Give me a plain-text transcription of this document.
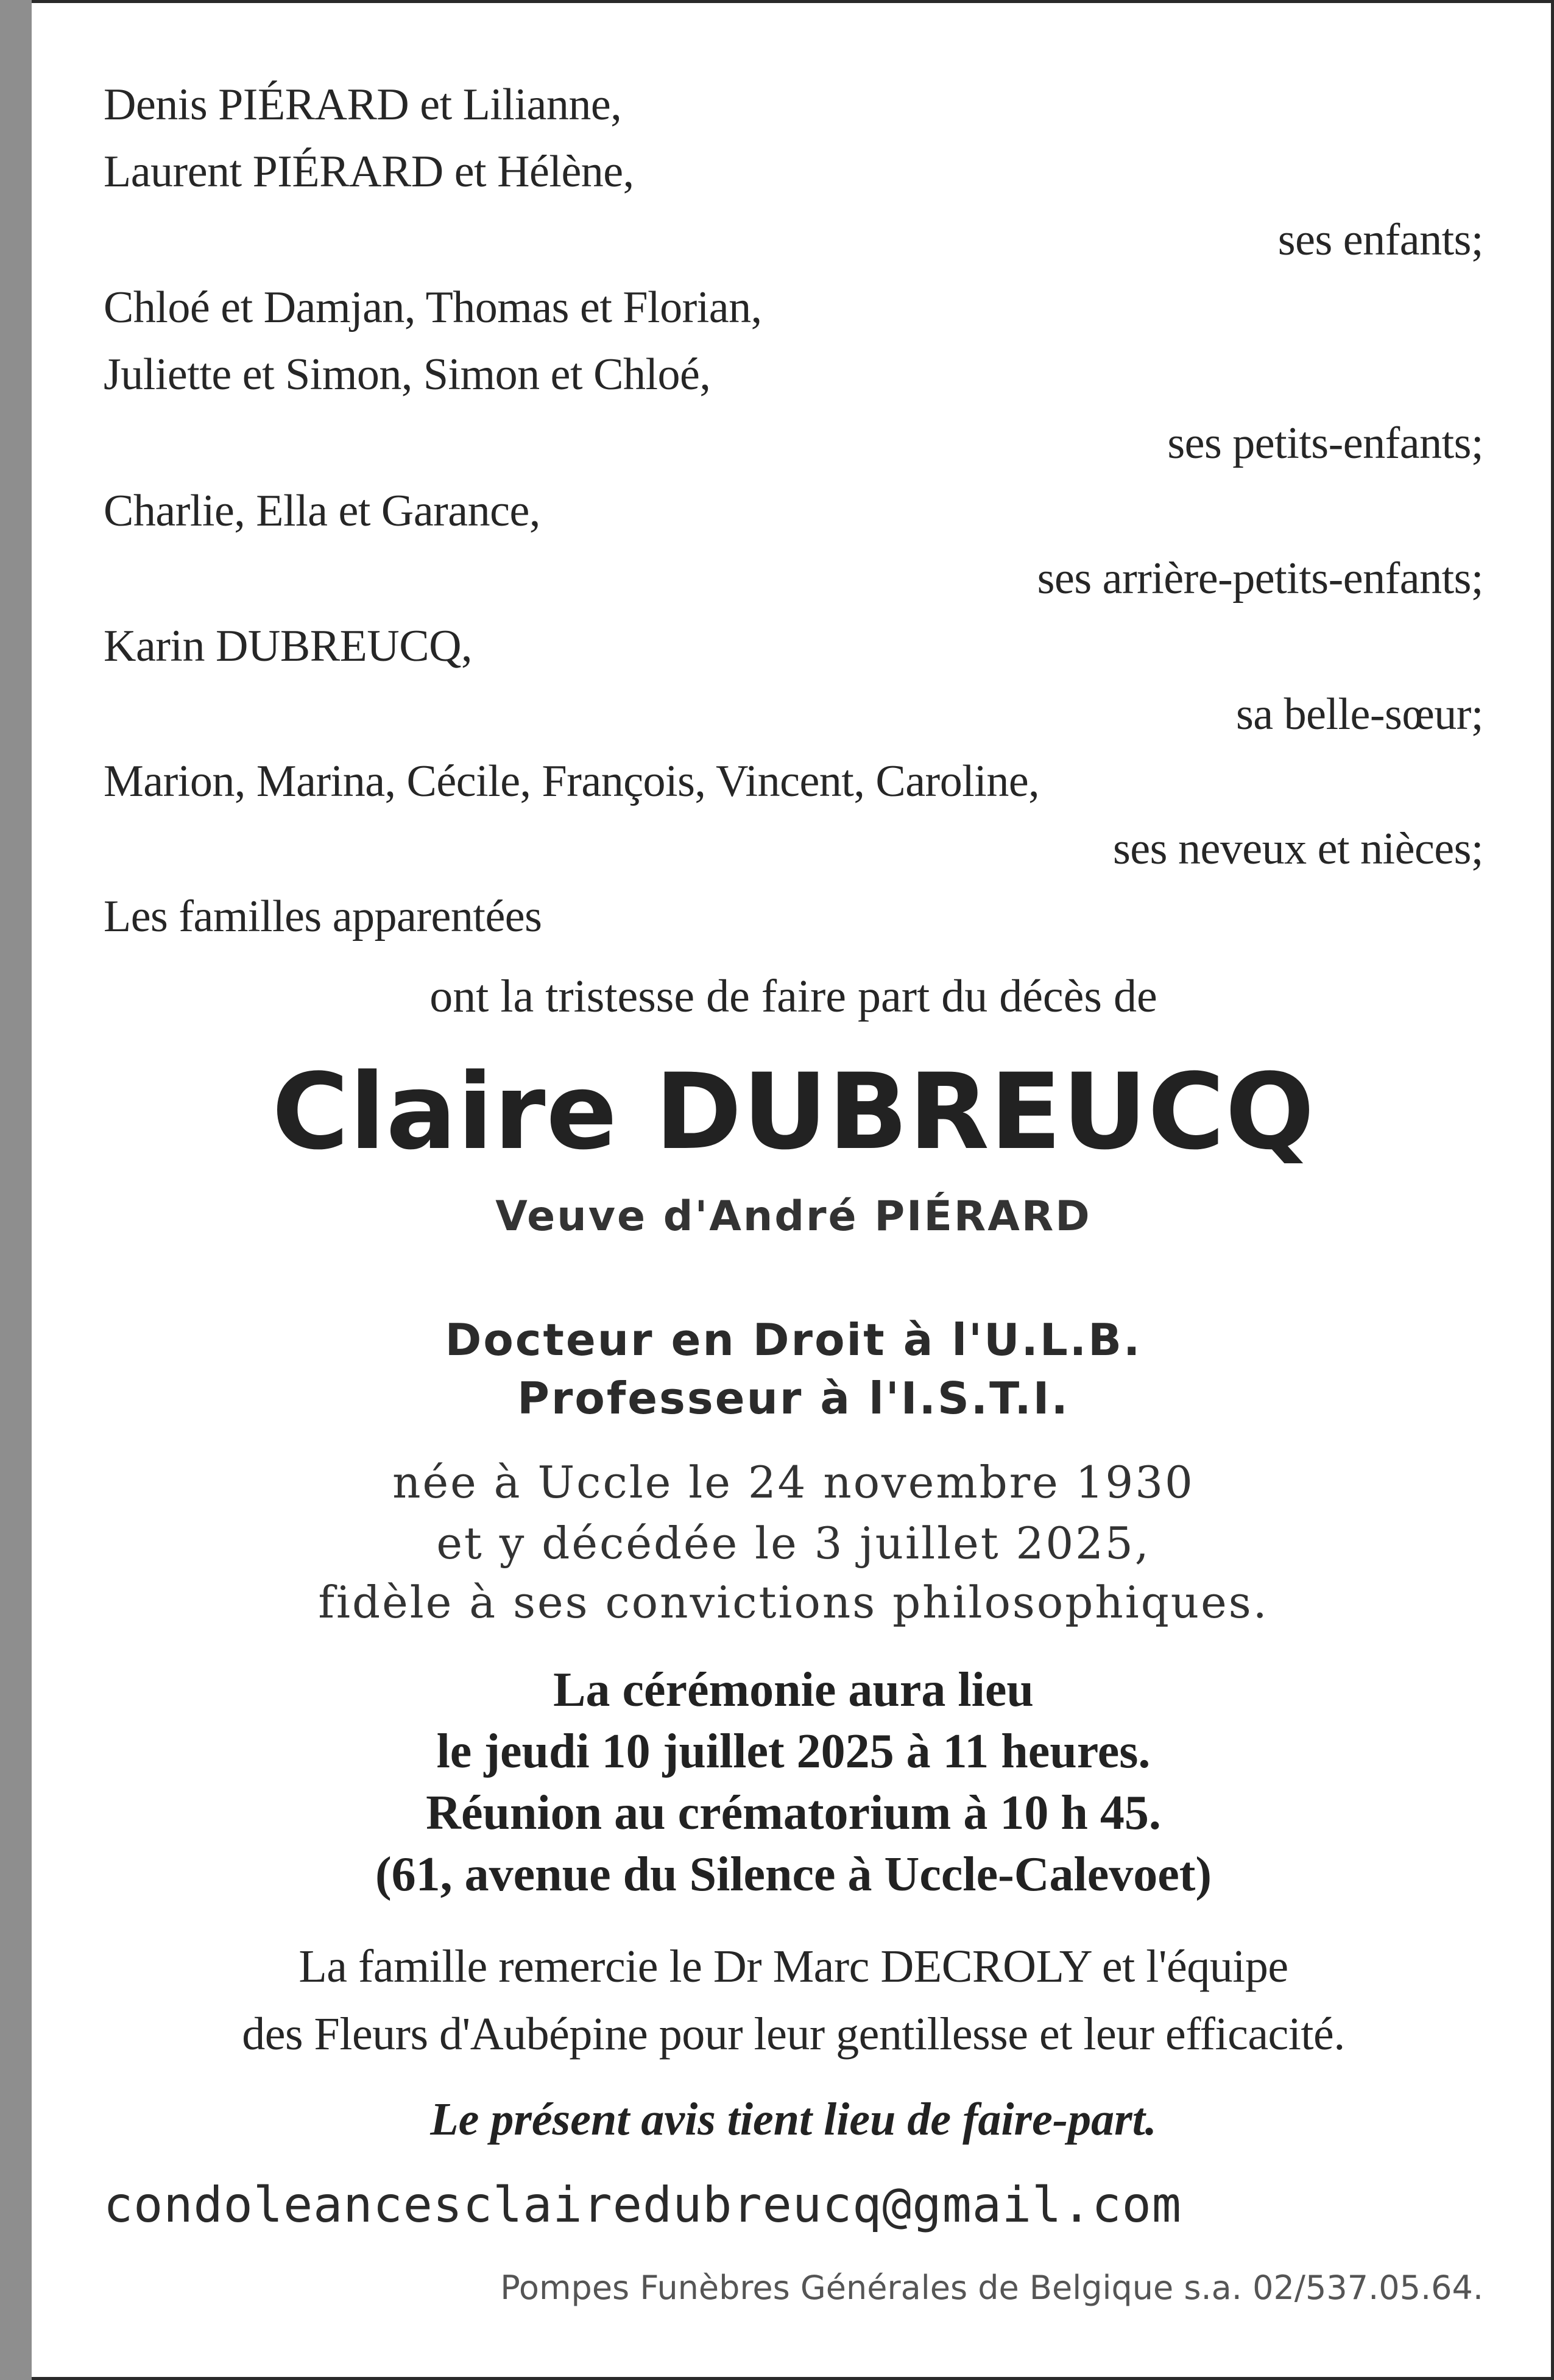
Denis PIÉRARD et Lilianne,
Laurent PIÉRARD et Hélène,
ses enfants;
Chloé et Damjan, Thomas et Florian,
Juliette et Simon, Simon et Chloé,
ses petits-enfants;
Charlie, Ella et Garance,
ses arrière-petits-enfants;
Karin DUBREUCQ,
sa belle-sœur;
Marion, Marina, Cécile, François, Vincent, Caroline,
ses neveux et nièces;
Les familles apparentées
ont la tristesse de faire part du décès de
Claire DUBREUCQ
Veuve d'André PIÉRARD
Docteur en Droit à l'U.L.B.
Professeur à l'I.S.T.I.
née à Uccle le 24 novembre 1930
et y décédée le 3 juillet 2025,
fidèle à ses convictions philosophiques.
La cérémonie aura lieu
le jeudi 10 juillet 2025 à 11 heures.
Réunion au crématorium à 10 h 45.
(61, avenue du Silence à Uccle-Calevoet)
La famille remercie le Dr Marc DECROLY et l'équipe
des Fleurs d'Aubépine pour leur gentillesse et leur efficacité.
Le présent avis tient lieu de faire-part.
condoleancesclairedubreucq@gmail.com
Pompes Funèbres Générales de Belgique s.a. 02/537.05.64.
